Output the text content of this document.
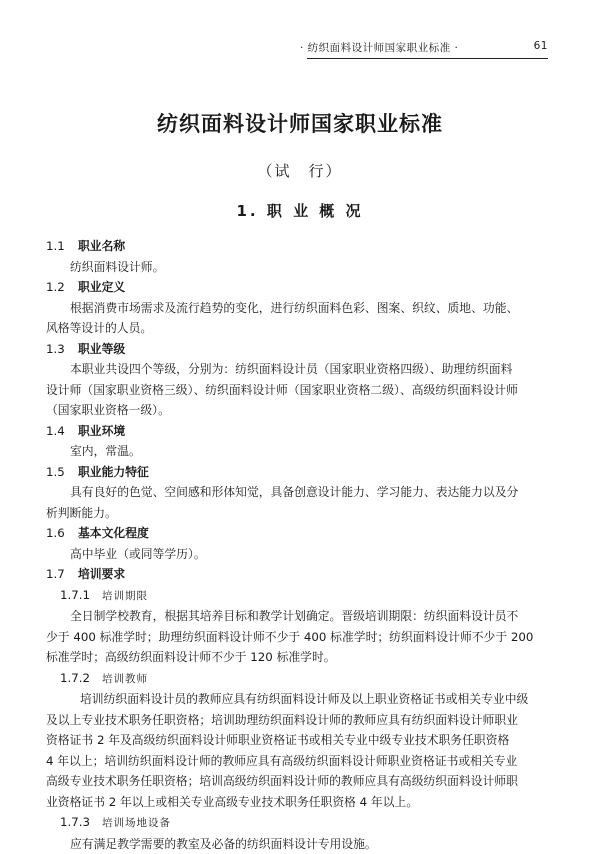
· 纺织面料设计师国家职业标准 ·	61
纺织面料设计师国家职业标准
（试　行）
1. 职 业 概 况
1.1 职业名称
纺织面料设计师。
1.2 职业定义
根据消费市场需求及流行趋势的变化，进行纺织面料色彩、图案、织纹、质地、功能、
风格等设计的人员。
1.3 职业等级
本职业共设四个等级，分别为：纺织面料设计员（国家职业资格四级）、助理纺织面料
设计师（国家职业资格三级）、纺织面料设计师（国家职业资格二级）、高级纺织面料设计师
（国家职业资格一级）。
1.4 职业环境
室内，常温。
1.5 职业能力特征
具有良好的色觉、空间感和形体知觉，具备创意设计能力、学习能力、表达能力以及分
析判断能力。
1.6 基本文化程度
高中毕业（或同等学历）。
1.7 培训要求
1.7.1 培训期限
全日制学校教育，根据其培养目标和教学计划确定。晋级培训期限：纺织面料设计员不
少于 400 标准学时；助理纺织面料设计师不少于 400 标准学时；纺织面料设计师不少于 200
标准学时；高级纺织面料设计师不少于 120 标准学时。
1.7.2 培训教师
培训纺织面料设计员的教师应具有纺织面料设计师及以上职业资格证书或相关专业中级
及以上专业技术职务任职资格；培训助理纺织面料设计师的教师应具有纺织面料设计师职业
资格证书 2 年及高级纺织面料设计师职业资格证书或相关专业中级专业技术职务任职资格
4 年以上；培训纺织面料设计师的教师应具有高级纺织面料设计师职业资格证书或相关专业
高级专业技术职务任职资格；培训高级纺织面料设计师的教师应具有高级纺织面料设计师职
业资格证书 2 年以上或相关专业高级专业技术职务任职资格 4 年以上。
1.7.3 培训场地设备
应有满足教学需要的教室及必备的纺织面料设计专用设施。
